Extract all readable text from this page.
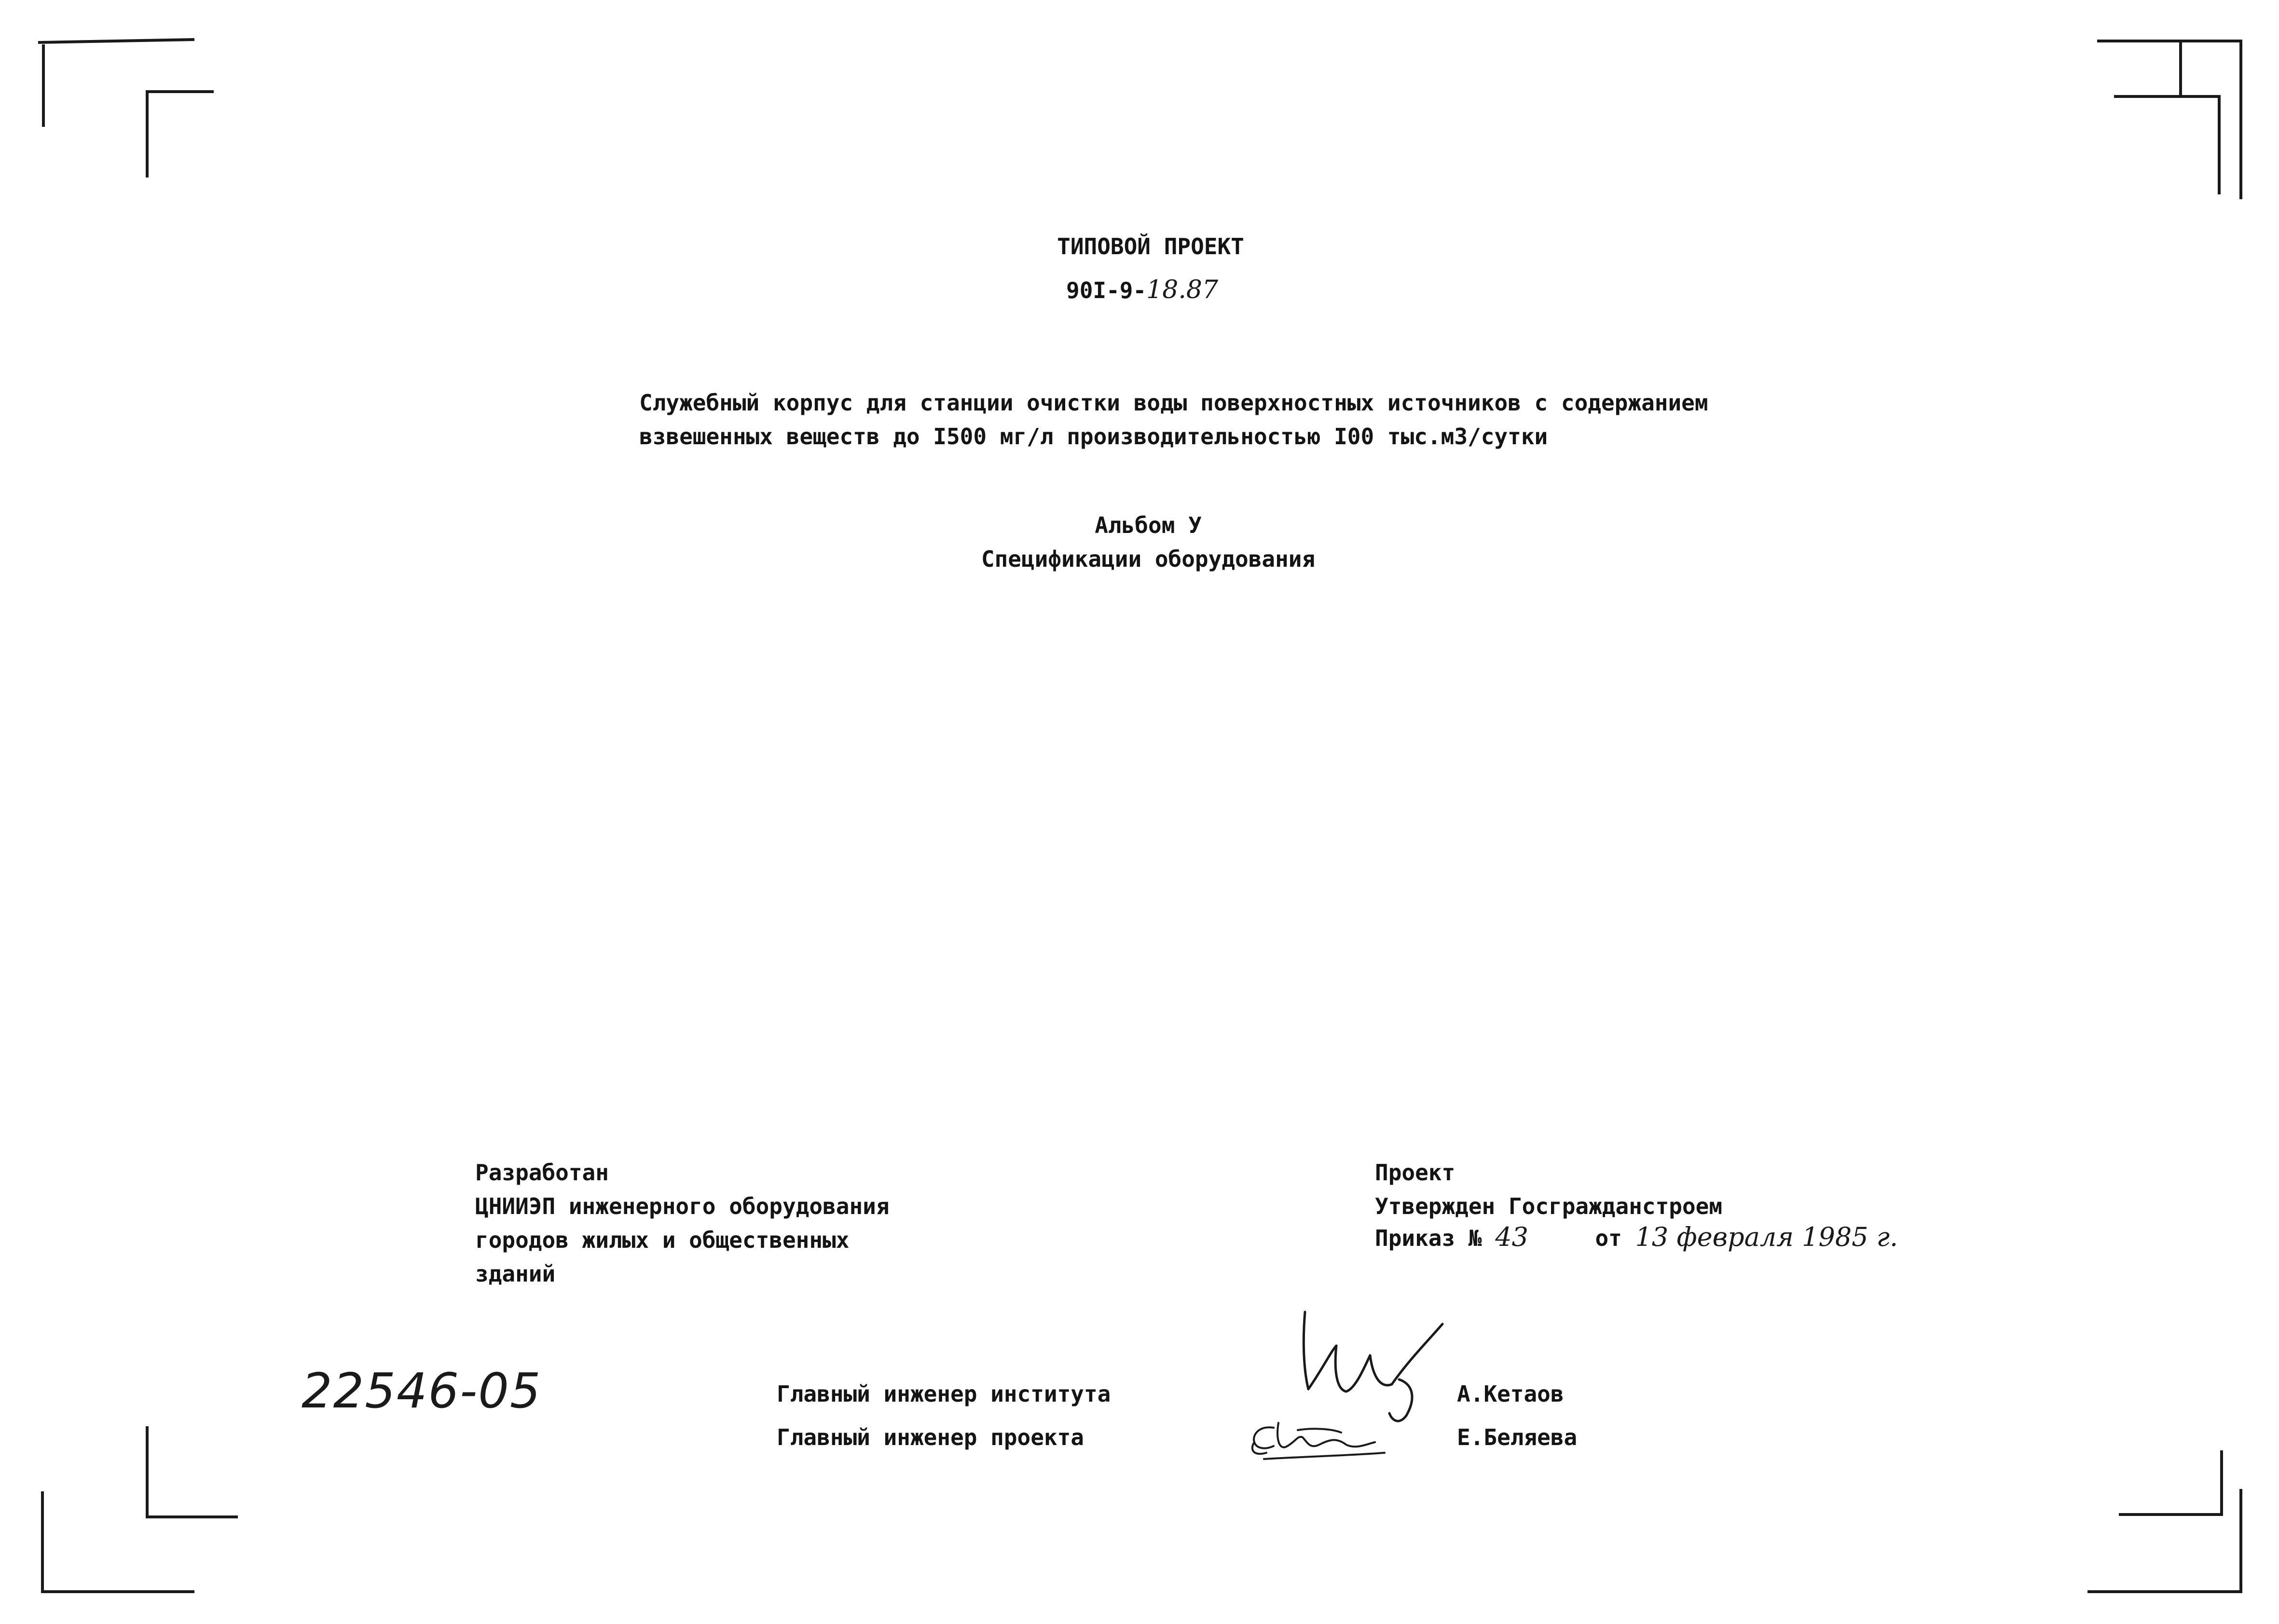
ТИПОВОЙ ПРОЕКТ
90I-9-18.87
Служебный корпус для станции очистки воды поверхностных источников с содержанием
взвешенных веществ до I500 мг/л производительностью I00 тыс.м3/сутки
Альбом У
Спецификации оборудования
Разработан
ЦНИИЭП инженерного оборудования
городов жилых и общественных
зданий
Проект
Утвержден Госгражданстроем
Приказ № 43	от 13 февраля 1985 г.
22546-05	Главный инженер института	А.Кетаов
Главный инженер проекта	Е.Беляева
